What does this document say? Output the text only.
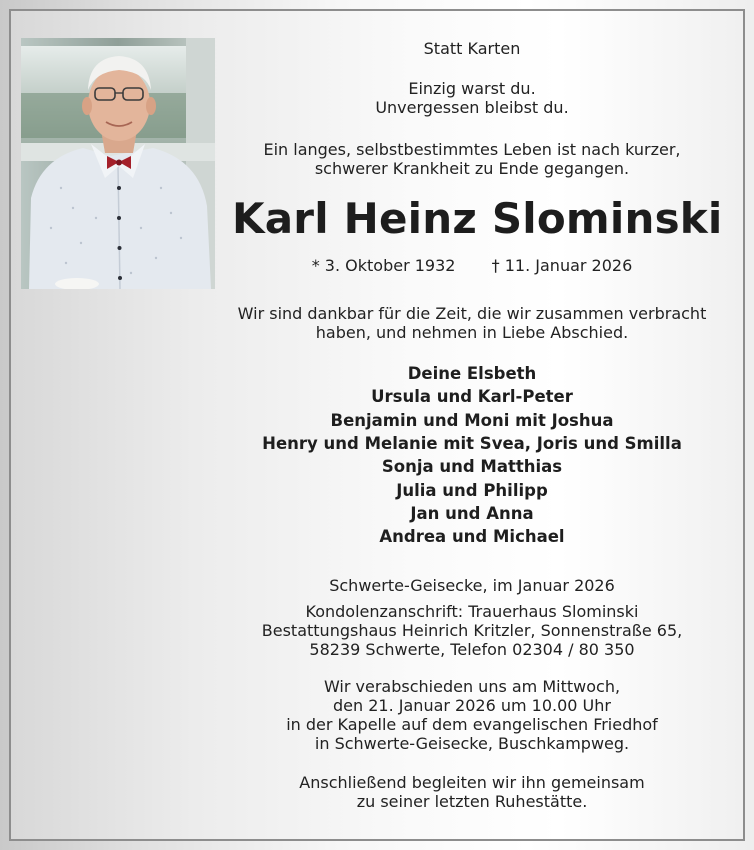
Statt Karten
Einzig warst du.
Unvergessen bleibst du.
Ein langes, selbstbestimmtes Leben ist nach kurzer,
schwerer Krankheit zu Ende gegangen.
Karl Heinz Slominski
* 3. Oktober 1932 † 11. Januar 2026
Wir sind dankbar für die Zeit, die wir zusammen verbracht
haben, und nehmen in Liebe Abschied.
Deine Elsbeth
Ursula und Karl-Peter
Benjamin und Moni mit Joshua
Henry und Melanie mit Svea, Joris und Smilla
Sonja und Matthias
Julia und Philipp
Jan und Anna
Andrea und Michael
Schwerte-Geisecke, im Januar 2026
Kondolenzanschrift: Trauerhaus Slominski
Bestattungshaus Heinrich Kritzler, Sonnenstraße 65,
58239 Schwerte, Telefon 02304 / 80 350
Wir verabschieden uns am Mittwoch,
den 21. Januar 2026 um 10.00 Uhr
in der Kapelle auf dem evangelischen Friedhof
in Schwerte-Geisecke, Buschkampweg.
Anschließend begleiten wir ihn gemeinsam
zu seiner letzten Ruhestätte.
